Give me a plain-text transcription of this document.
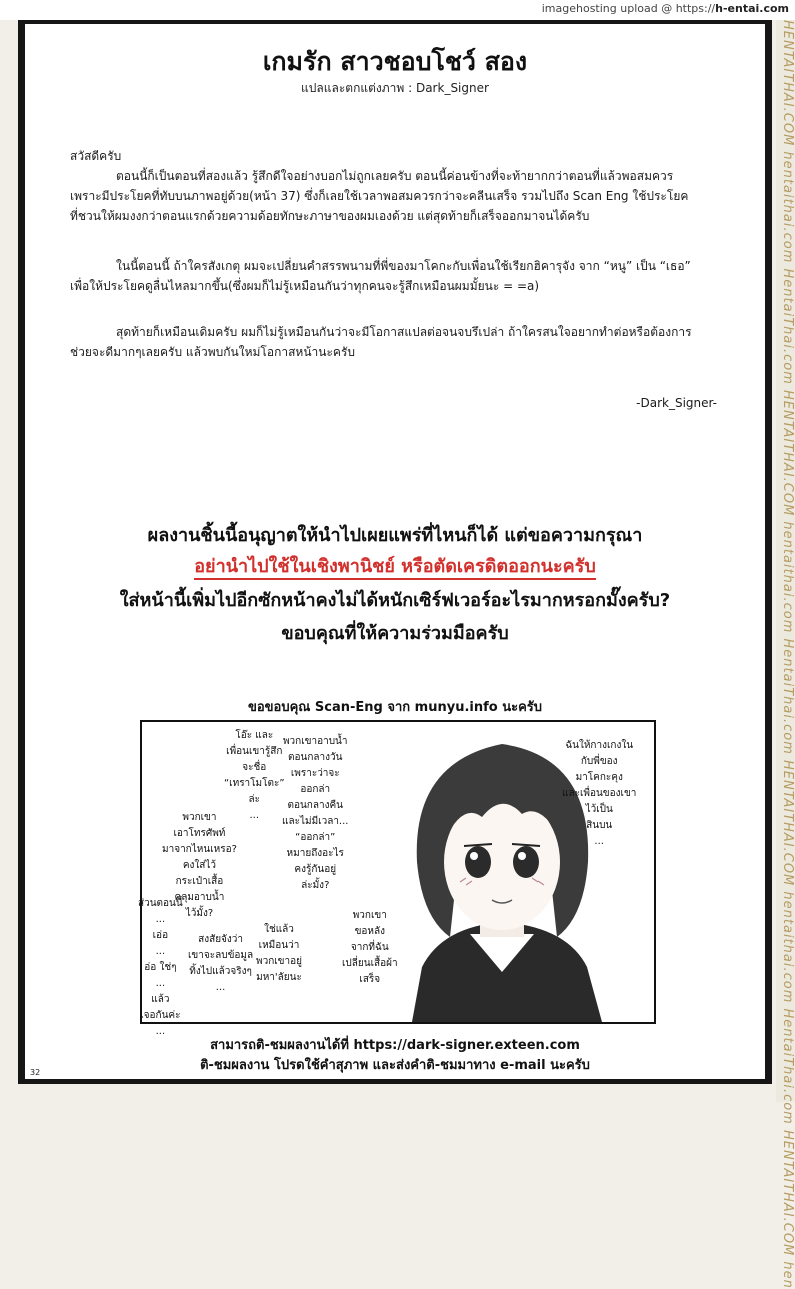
imagehosting upload @ https://h-entai.com
HENTAITHAI.COM hentaithai.com HentaiThai.com HENTAITHAI.COM hentaithai.com HentaiThai.com HENTAITHAI.COM hentaithai.com HentaiThai.com HENTAITHAI.COM hen
เกมรัก สาวชอบโชว์ สอง
แปลและตกแต่งภาพ : Dark_Signer
สวัสดีครับ

ตอนนี้ก็เป็นตอนที่สองแล้ว รู้สึกดีใจอย่างบอกไม่ถูกเลยครับ ตอนนี้ค่อนข้างที่จะท้ายากกว่าตอนที่แล้วพอสมควร

เพราะมีประโยคที่ทับบนภาพอยู่ด้วย(หน้า 37) ซึ่งก็เลยใช้เวลาพอสมควรกว่าจะคลีนเสร็จ รวมไปถึง Scan Eng ใช้ประโยค

ที่ชวนให้ผมงงกว่าตอนแรกด้วยความด้อยทักษะภาษาของผมเองด้วย แต่สุดท้ายก็เสร็จออกมาจนได้ครับ

ในนี้ตอนนี้ ถ้าใครสังเกตุ ผมจะเปลี่ยนคำสรรพนามที่พี่ของมาโคกะกับเพื่อนใช้เรียกฮิคารุจัง จาก “หนู” เป็น “เธอ”

เพื่อให้ประโยคดูลื่นไหลมากขึ้น(ซึ่งผมก็ไม่รู้เหมือนกันว่าทุกคนจะรู้สึกเหมือนผมมั้ยนะ = =a)

สุดท้ายก็เหมือนเดิมครับ ผมก็ไม่รู้เหมือนกันว่าจะมีโอกาสแปลต่อจนจบรึเปล่า ถ้าใครสนใจอยากทำต่อหรือต้องการ

ช่วยจะดีมากๆเลยครับ แล้วพบกันใหม่โอกาสหน้านะครับ

-Dark_Signer-
ผลงานชิ้นนี้อนุญาตให้นำไปเผยแพร่ที่ไหนก็ได้ แต่ขอความกรุณา
อย่านำไปใช้ในเชิงพานิชย์ หรือตัดเครดิตออกนะครับ
ใส่หน้านี้เพิ่มไปอีกซักหน้าคงไม่ได้หนักเซิร์ฟเวอร์อะไรมากหรอกมั๊งครับ?
ขอบคุณที่ให้ความร่วมมือครับ
ขอขอบคุณ Scan-Eng จาก munyu.info นะครับ
โอ๊ะ และ
เพื่อนเขารู้สึก
จะชื่อ
“เทราโมโตะ”
ล่ะ
...
พวกเขาอาบน้ำ
ตอนกลางวัน
เพราะว่าจะ
ออกล่า
ตอนกลางคืน
และไม่มีเวลา...
“ออกล่า”
หมายถึงอะไร
คงรู้กันอยู่
ล่ะมั้ง?
ฉันให้กางเกงใน
กับพี่ของ
มาโคกะคุง
และเพื่อนของเขา
ไว้เป็น
สินบน
...
พวกเขา
เอาโทรศัพท์
มาจากไหนเหรอ?
คงใส่ไว้
กระเป๋าเสื้อ
คลุมอาบน้ำ
ไว้มั้ง?
ส่วนตอนนี้
...
เอ่อ
...
อ่อ ใช่ๆ
...
แล้ว
เจอกันค่ะ
...
สงสัยจังว่า
เขาจะลบข้อมูล
ทิ้งไปแล้วจริงๆ
...
ใช่แล้ว
เหมือนว่า
พวกเขาอยู่
มหา'ลัยนะ
พวกเขา
ขอหลัง
จากที่ฉัน
เปลี่ยนเสื้อผ้า
เสร็จ
สามารถติ-ชมผลงานได้ที่ https://dark-signer.exteen.com
ติ-ชมผลงาน โปรดใช้คำสุภาพ และส่งคำติ-ชมมาทาง e-mail นะครับ
32
